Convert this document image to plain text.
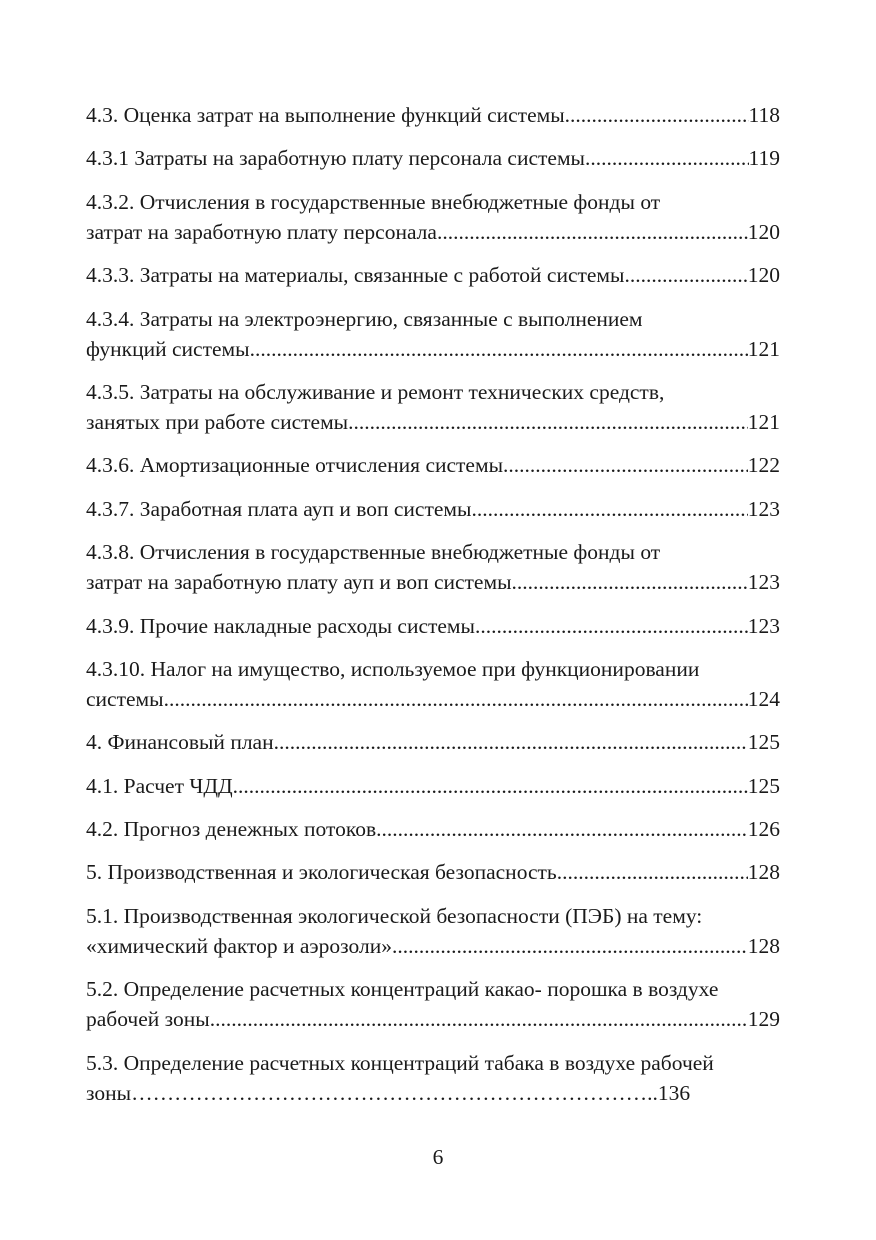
4.3. Оценка затрат на выполнение функций системы .....	118
4.3.1 Затраты на заработную плату персонала системы .....	119
4.3.2. Отчисления в государственные внебюджетные фонды от
затрат на заработную плату персонала .....	120
4.3.3. Затраты на материалы, связанные с работой системы .....	120
4.3.4. Затраты на электроэнергию, связанные с выполнением
функций системы .....	121
4.3.5. Затраты на обслуживание и ремонт технических средств,
занятых при работе системы .....	121
4.3.6. Амортизационные отчисления системы .....	122
4.3.7. Заработная плата ауп и воп системы .....	123
4.3.8. Отчисления в государственные внебюджетные фонды от
затрат на заработную плату ауп и воп системы .....	123
4.3.9. Прочие накладные расходы системы .....	123
4.3.10. Налог на имущество, используемое при функционировании
системы .....	124
4. Финансовый план .....	125
4.1. Расчет ЧДД .....	125
4.2. Прогноз денежных потоков .....	126
5. Производственная и экологическая безопасность .....	128
5.1. Производственная экологической безопасности (ПЭБ) на тему:
«химический фактор и аэрозоли» .....	128
5.2. Определение расчетных концентраций какао- порошка в воздухе
рабочей зоны .....	129
5.3. Определение расчетных концентраций табака в воздухе рабочей
зоны……………………………………………………………….. 136
6
